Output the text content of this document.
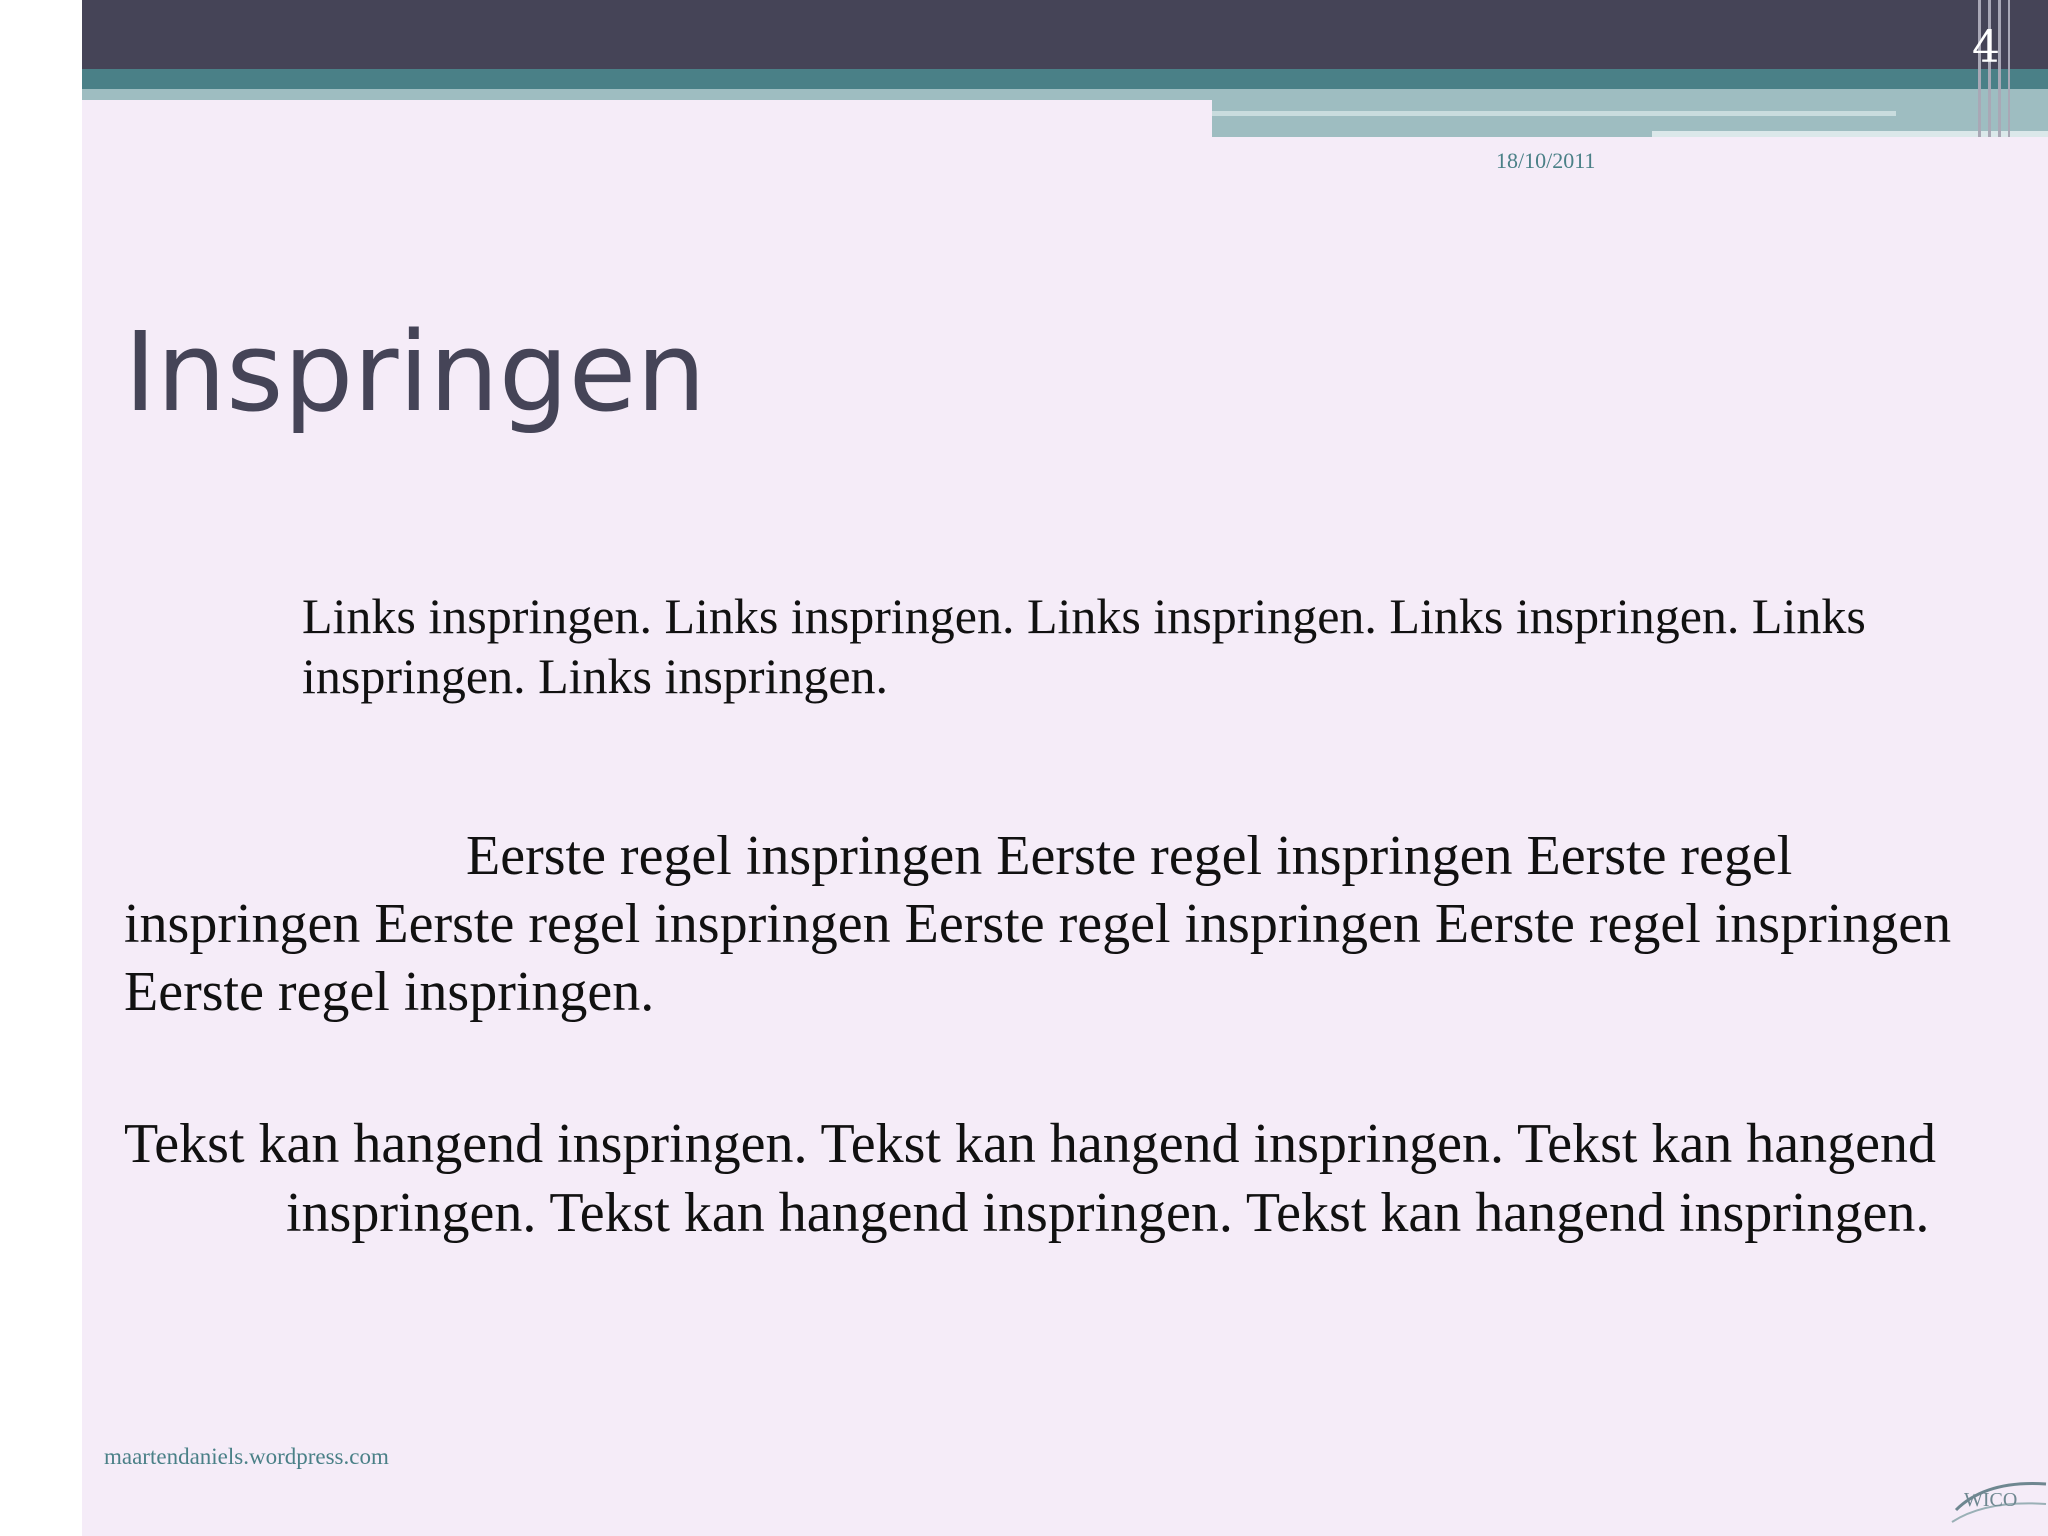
4
18/10/2011
Inspringen

Links inspringen. Links inspringen. Links inspringen. Links inspringen. Links inspringen. Links inspringen.

Eerste regel inspringen Eerste regel inspringen Eerste regel inspringen Eerste regel inspringen Eerste regel inspringen Eerste regel inspringen Eerste regel inspringen.

Tekst kan hangend inspringen. Tekst kan hangend inspringen. Tekst kan hangend inspringen. Tekst kan hangend inspringen. Tekst kan hangend inspringen.

maartendaniels.wordpress.com
WICO
